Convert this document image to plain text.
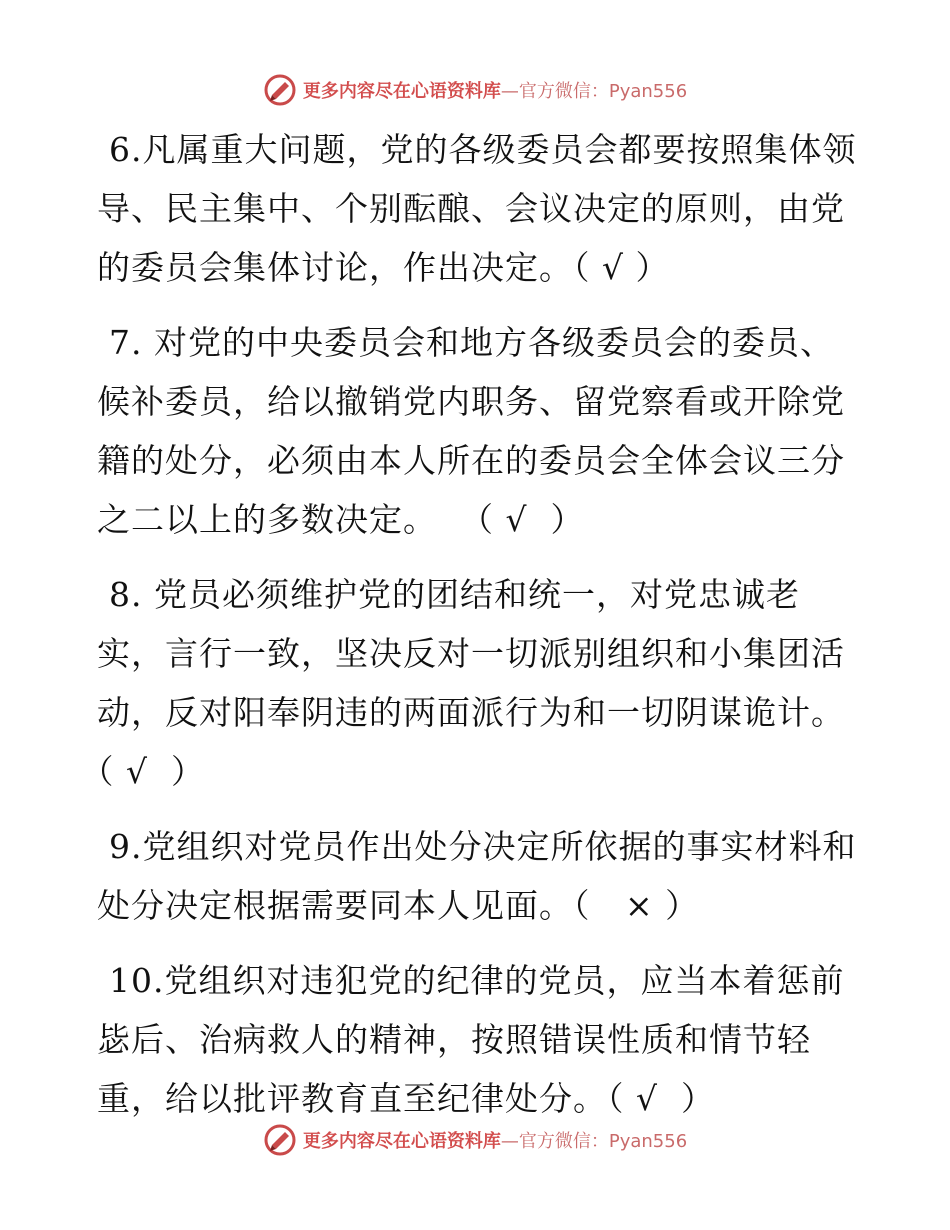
更多内容尽在心语资料库—官方微信：Pyan556

6.凡属重大问题，党的各级委员会都要按照集体领导、民主集中、个别酝酿、会议决定的原则，由党的委员会集体讨论，作出决定。（ √ ）

7. 对党的中央委员会和地方各级委员会的委员、候补委员，给以撤销党内职务、留党察看或开除党籍的处分，必须由本人所在的委员会全体会议三分之二以上的多数决定。  （ √  ）

8. 党员必须维护党的团结和统一，对党忠诚老实，言行一致，坚决反对一切派别组织和小集团活动，反对阳奉阴违的两面派行为和一切阴谋诡计。（ √  ）

9.党组织对党员作出处分决定所依据的事实材料和处分决定根据需要同本人见面。（   × ）

10.党组织对违犯党的纪律的党员，应当本着惩前毖后、治病救人的精神，按照错误性质和情节轻重，给以批评教育直至纪律处分。（ √  ）

更多内容尽在心语资料库—官方微信：Pyan556
